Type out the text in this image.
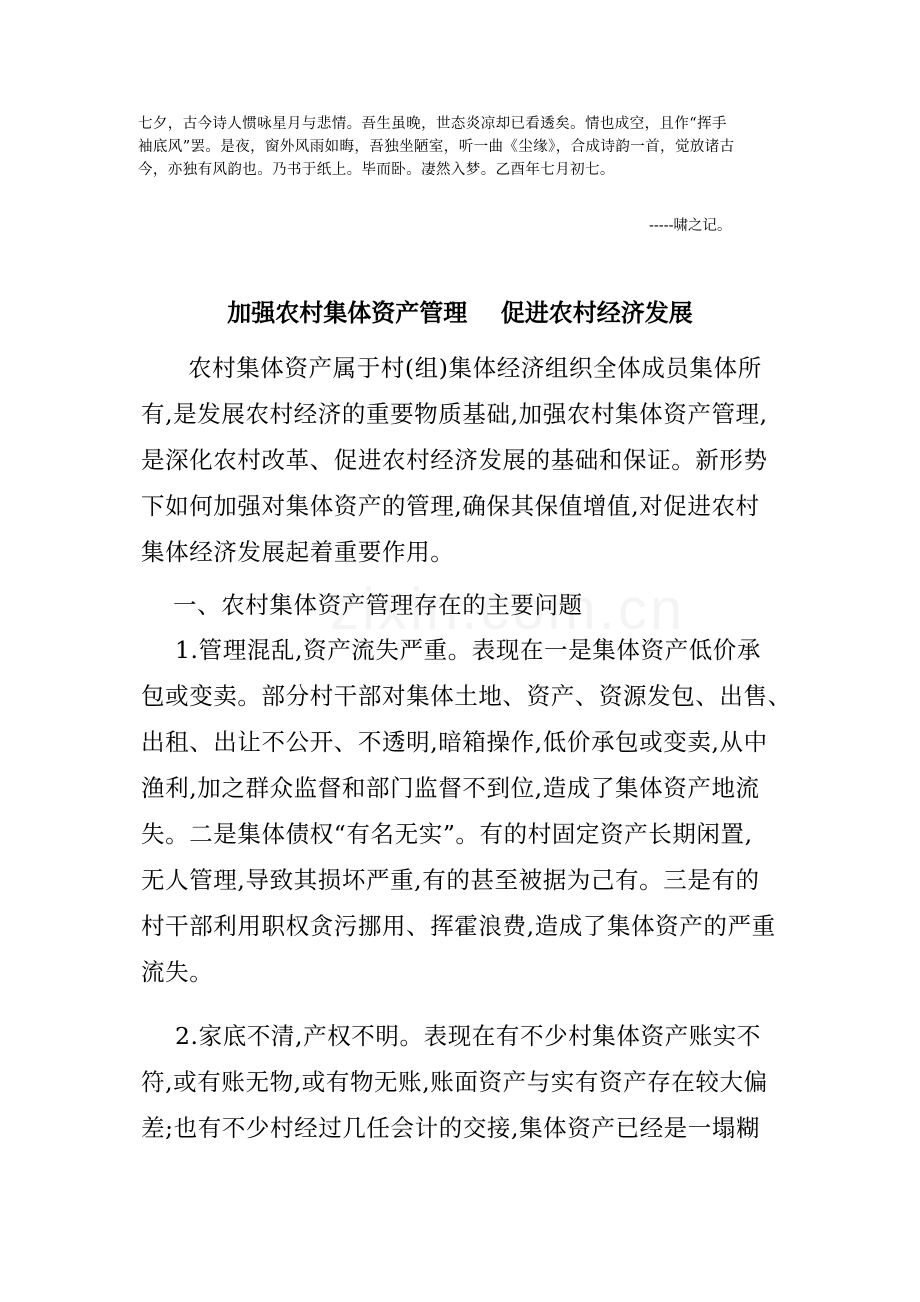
七夕，古今诗人惯咏星月与悲情。吾生虽晚，世态炎凉却已看透矣。情也成空，且作“挥手
袖底风”罢。是夜，窗外风雨如晦，吾独坐陋室，听一曲《尘缘》，合成诗韵一首，觉放诸古
今，亦独有风韵也。乃书于纸上。毕而卧。凄然入梦。乙酉年七月初七。
-----啸之记。
加强农村集体资产管理    促进农村经济发展
农村集体资产属于村(组)集体经济组织全体成员集体所
有,是发展农村经济的重要物质基础,加强农村集体资产管理,
是深化农村改革、促进农村经济发展的基础和保证。新形势
下如何加强对集体资产的管理,确保其保值增值,对促进农村
集体经济发展起着重要作用。
一、农村集体资产管理存在的主要问题
1.管理混乱,资产流失严重。表现在一是集体资产低价承
包或变卖。部分村干部对集体土地、资产、资源发包、出售、
出租、出让不公开、不透明,暗箱操作,低价承包或变卖,从中
渔利,加之群众监督和部门监督不到位,造成了集体资产地流
失。二是集体债权“有名无实”。有的村固定资产长期闲置,
无人管理,导致其损坏严重,有的甚至被据为己有。三是有的
村干部利用职权贪污挪用、挥霍浪费,造成了集体资产的严重
流失。
2.家底不清,产权不明。表现在有不少村集体资产账实不
符,或有账无物,或有物无账,账面资产与实有资产存在较大偏
差;也有不少村经过几任会计的交接,集体资产已经是一塌糊
